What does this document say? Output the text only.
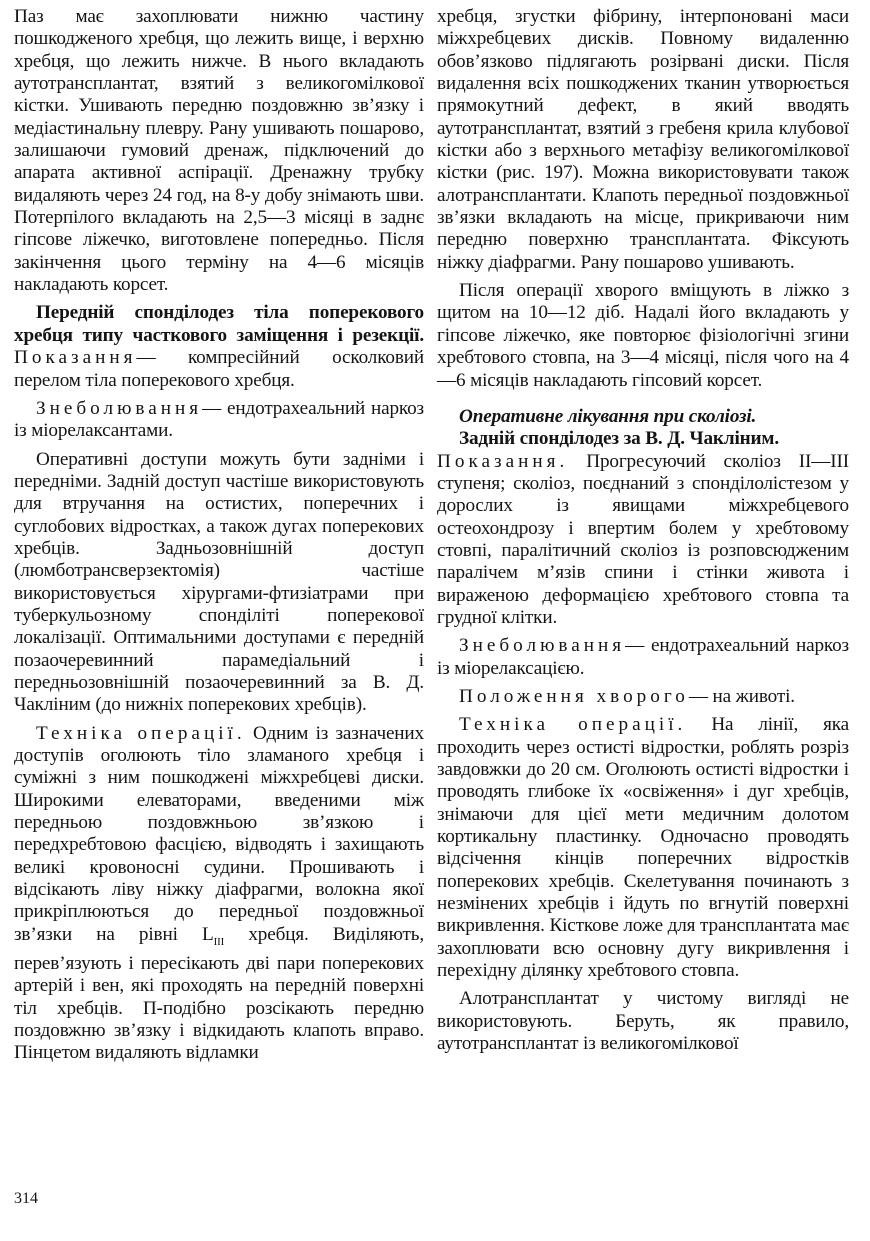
Паз має захоплювати нижню частину пошкодженого хребця, що лежить вище, і верхню хребця, що лежить нижче. В нього вкладають аутотрансплантат, взятий з великогомілкової кістки. Ушивають передню поздовжню зв’язку і медіастинальну плевру. Рану ушивають пошарово, залишаючи гумовий дренаж, підключений до апарата активної аспірації. Дренажну трубку видаляють через 24 год, на 8-у добу знімають шви. Потерпілого вкладають на 2,5—3 місяці в заднє гіпсове ліжечко, виготовлене попередньо. Після закінчення цього терміну на 4—6 місяців накладають корсет.

Передній спонділодез тіла поперекового хребця типу часткового заміщення і резекції. Показання— компресійний осколковий перелом тіла поперекового хребця.

Знеболювання— ендотрахеальний наркоз із міорелаксантами.

Оперативні доступи можуть бути задніми і передніми. Задній доступ частіше використовують для втручання на остистих, поперечних і суглобових відростках, а також дугах поперекових хребців. Задньозовнішній доступ (люмботрансверзектомія) частіше використовується хірургами-фтизіатрами при туберкульозному спонділіті поперекової локалізації. Оптимальними доступами є передній позаочеревинний парамедіальний і передньозовнішній позаочеревинний за В. Д. Чакліним (до нижніх поперекових хребців).

Техніка операції. Одним із зазначених доступів оголюють тіло зламаного хребця і суміжні з ним пошкоджені міжхребцеві диски. Широкими елеваторами, введеними між передньою поздовжньою зв’язкою і передхребтовою фасцією, відводять і захищають великі кровоносні судини. Прошивають і відсікають ліву ніжку діафрагми, волокна якої прикріплюються до передньої поздовжньої зв’язки на рівні $L_{III}$ хребця. Виділяють, перев’язують і пересікають дві пари поперекових артерій і вен, які проходять на передній поверхні тіл хребців. П-подібно розсікають передню поздовжню зв’язку і відкидають клапоть вправо. Пінцетом видаляють відламки

хребця, згустки фібрину, інтерпоновані маси міжхребцевих дисків. Повному видаленню обов’язково підлягають розірвані диски. Після видалення всіх пошкоджених тканин утворюється прямокутний дефект, в який вводять аутотрансплантат, взятий з гребеня крила клубової кістки або з верхнього метафізу великогомілкової кістки (рис. 197). Можна використовувати також алотрансплантати. Клапоть передньої поздовжньої зв’язки вкладають на місце, прикриваючи ним передню поверхню трансплантата. Фіксують ніжку діафрагми. Рану пошарово ушивають.

Після операції хворого вміщують в ліжко з щитом на 10—12 діб. Надалі його вкладають у гіпсове ліжечко, яке повторює фізіологічні згини хребтового стовпа, на 3—4 місяці, після чого на 4—6 місяців накладають гіпсовий корсет.

Оперативне лікування при сколіозі.

Задній спонділодез за В. Д. Чакліним.
Показання. Прогресуючий сколіоз II—III ступеня; сколіоз, поєднаний з спонділолістезом у дорослих із явищами міжхребцевого остеохондрозу і впертим болем у хребтовому стовпі, паралітичний сколіоз із розповсюдженим паралічем м’язів спини і стінки живота і вираженою деформацією хребтового стовпа та грудної клітки.

Знеболювання— ендотрахеальний наркоз із міорелаксацією.

Положення хворого— на животі.

Техніка операції. На лінії, яка проходить через остисті відростки, роблять розріз завдовжки до 20 см. Оголюють остисті відростки і проводять глибоке їх «освіження» і дуг хребців, знімаючи для цієї мети медичним долотом кортикальну пластинку. Одночасно проводять відсічення кінців поперечних відростків поперекових хребців. Скелетування починають з незмінених хребців і йдуть по вгнутій поверхні викривлення. Кісткове ложе для трансплантата має захоплювати всю основну дугу викривлення і перехідну ділянку хребтового стовпа.

Алотрансплантат у чистому вигляді не використовують. Беруть, як правило, аутотрансплантат із великогомілкової

314
